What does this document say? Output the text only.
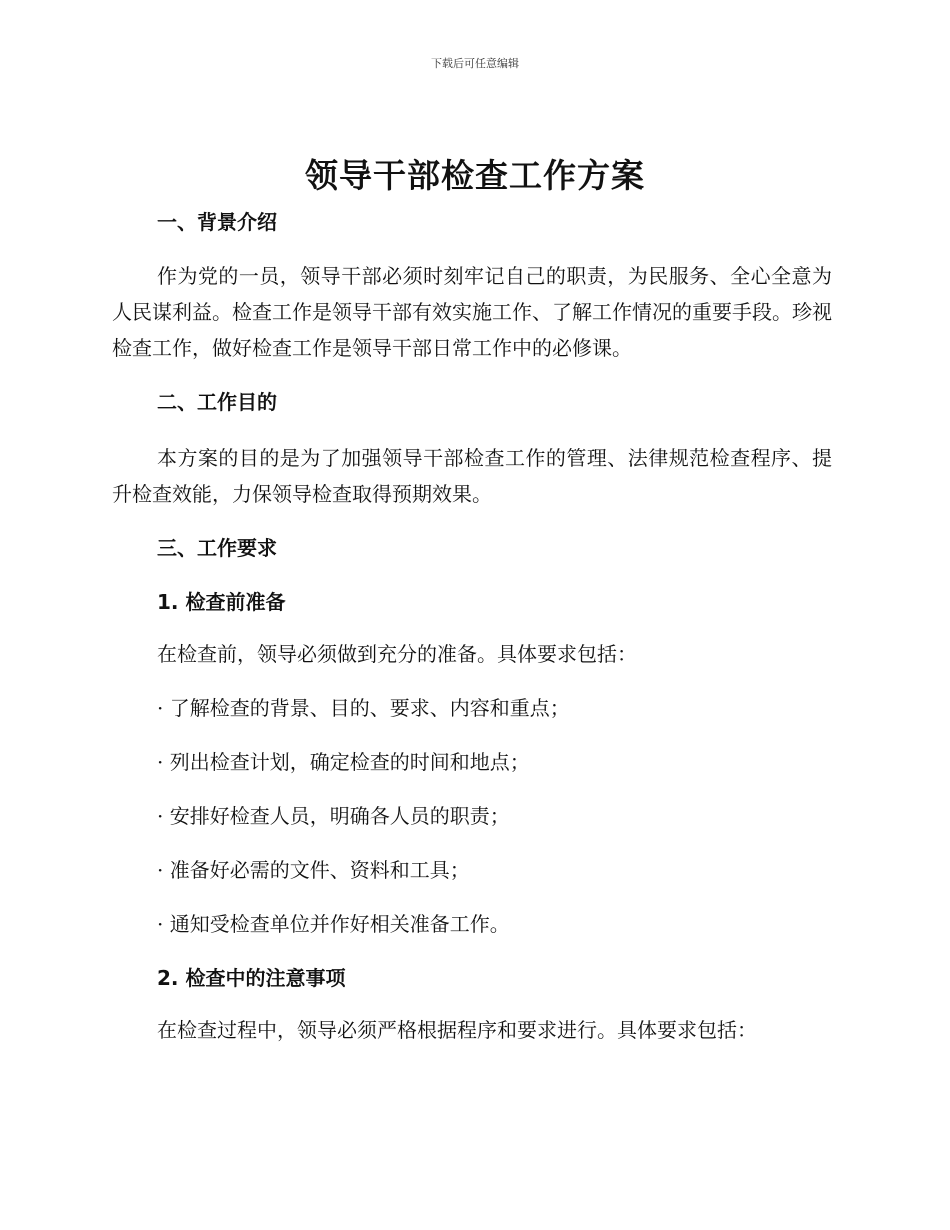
下载后可任意编辑
领导干部检查工作方案
一、背景介绍

作为党的一员，领导干部必须时刻牢记自己的职责，为民服务、全心全意为人民谋利益。检查工作是领导干部有效实施工作、了解工作情况的重要手段。珍视检查工作，做好检查工作是领导干部日常工作中的必修课。

二、工作目的

本方案的目的是为了加强领导干部检查工作的管理、法律规范检查程序、提升检查效能，力保领导检查取得预期效果。

三、工作要求
1. 检查前准备
在检查前，领导必须做到充分的准备。具体要求包括：
· 了解检查的背景、目的、要求、内容和重点；
· 列出检查计划，确定检查的时间和地点；
· 安排好检查人员，明确各人员的职责；
· 准备好必需的文件、资料和工具；
· 通知受检查单位并作好相关准备工作。
2. 检查中的注意事项
在检查过程中，领导必须严格根据程序和要求进行。具体要求包括：
